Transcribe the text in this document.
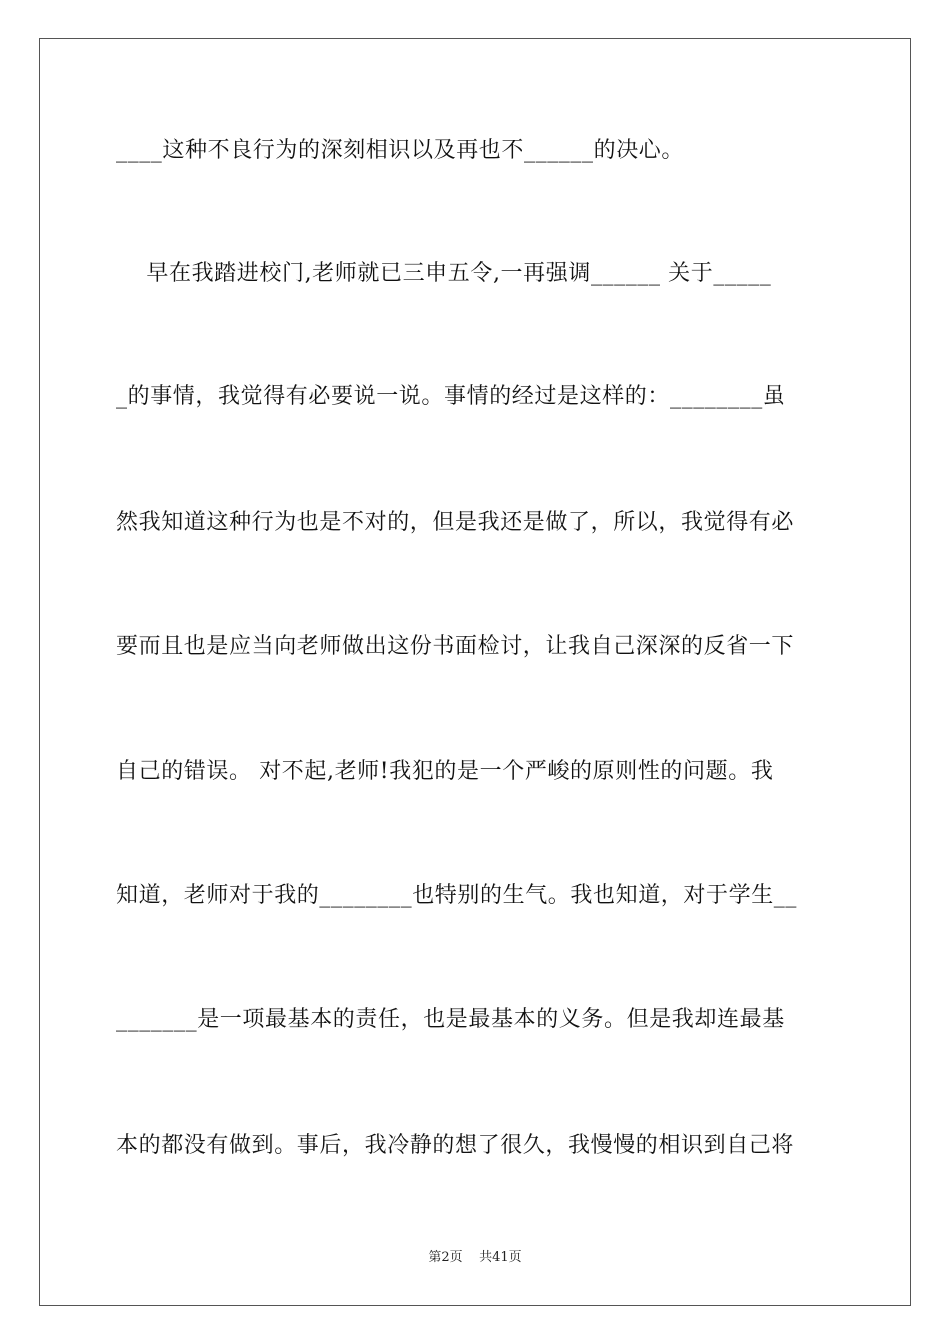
____这种不良行为的深刻相识以及再也不______的决心。
早在我踏进校门,老师就已三申五令,一再强调______ 关于_____
_的事情，我觉得有必要说一说。事情的经过是这样的：________虽
然我知道这种行为也是不对的，但是我还是做了，所以，我觉得有必
要而且也是应当向老师做出这份书面检讨，让我自己深深的反省一下
自己的错误。 对不起,老师!我犯的是一个严峻的原则性的问题。我
知道，老师对于我的________也特别的生气。我也知道，对于学生__
_______是一项最基本的责任，也是最基本的义务。但是我却连最基
本的都没有做到。事后，我冷静的想了很久，我慢慢的相识到自己将
第2页    共41页
